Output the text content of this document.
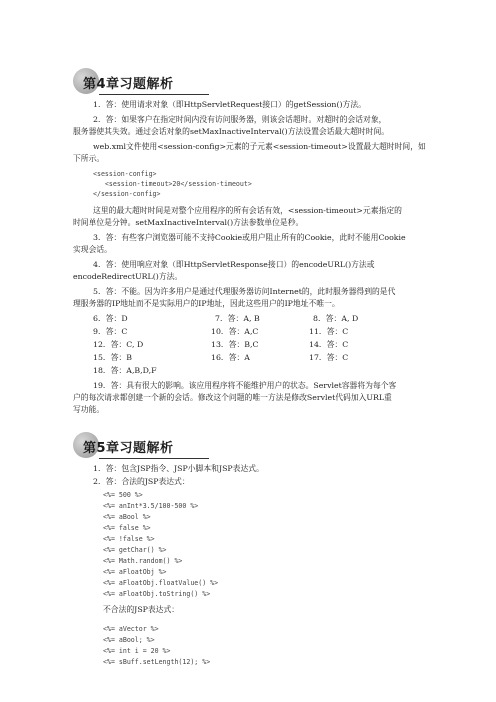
第4章习题解析
1．答：使用请求对象（即HttpServletRequest接口）的getSession()方法。
2．答：如果客户在指定时间内没有访问服务器，则该会话超时。对超时的会话对象，
服务器使其失效。通过会话对象的setMaxInactiveInterval()方法设置会话最大超时时间。
web.xml文件使用<session-config>元素的子元素<session-timeout>设置最大超时时间，如
下所示。
<session-config>
<session-timeout>20</session-timeout>
</session-config>
这里的最大超时时间是对整个应用程序的所有会话有效，<session-timeout>元素指定的
时间单位是分钟。setMaxInactiveInterval()方法参数单位是秒。
3．答：有些客户浏览器可能不支持Cookie或用户阻止所有的Cookie，此时不能用Cookie
实现会话。
4．答：使用响应对象（即HttpServletResponse接口）的encodeURL()方法或
encodeRedirectURL()方法。
5．答：不能。因为许多用户是通过代理服务器访问Internet的，此时服务器得到的是代
理服务器的IP地址而不是实际用户的IP地址，因此这些用户的IP地址不唯一。
6．答：D	7．答：A, B	8．答：A, D
9．答：C	10．答：A,C	11．答：C
12．答：C, D	13．答：B,C	14．答：C
15．答：B	16．答：A	17．答：C
18．答：A,B,D,F
19．答：具有很大的影响。该应用程序将不能维护用户的状态。Servlet容器将为每个客
户的每次请求都创建一个新的会话。修改这个问题的唯一方法是修改Servlet代码加入URL重
写功能。
第5章习题解析
1．答：包含JSP指令、JSP小脚本和JSP表达式。
2．答：合法的JSP表达式：
<%= 500 %>
<%= anInt*3.5/100-500 %>
<%= aBool %>
<%= false %>
<%= !false %>
<%= getChar() %>
<%= Math.random() %>
<%= aFloatObj %>
<%= aFloatObj.floatValue() %>
<%= aFloatObj.toString() %>
不合法的JSP表达式：
<%= aVector %>
<%= aBool; %>
<%= int i = 20 %>
<%= sBuff.setLength(12); %>
